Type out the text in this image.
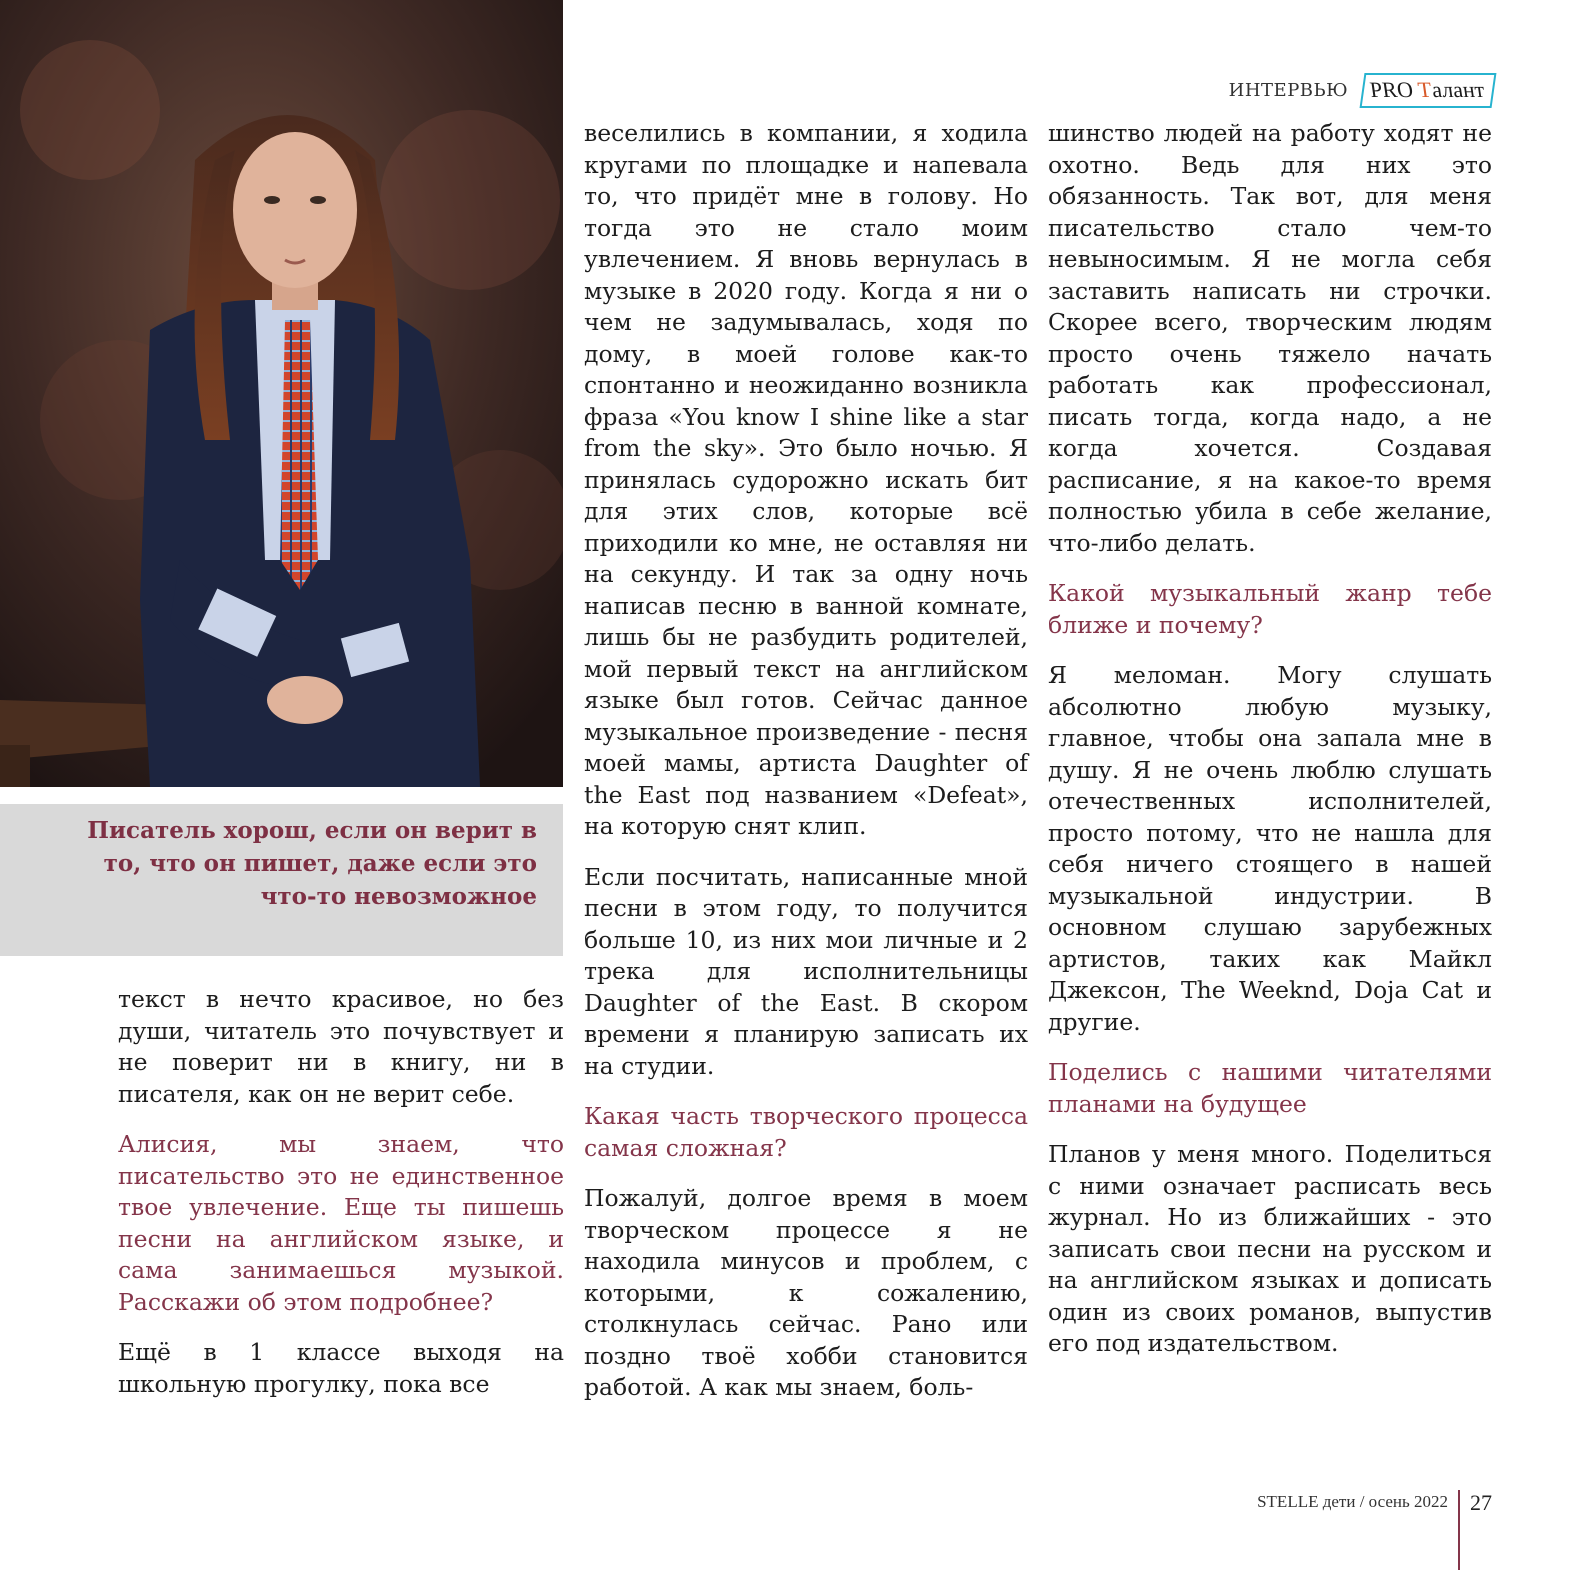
ИНТЕРВЬЮ PRO Талант

Писатель хорош, если он верит в то, что он пишет, даже если это что-то невозможное

текст в нечто красивое, но без души, читатель это почувствует и не поверит ни в книгу, ни в писателя, как он не верит себе.

Алисия, мы знаем, что писательство это не единственное твое увлечение. Еще ты пишешь песни на английском языке, и сама занимаешься музыкой. Расскажи об этом подробнее?

Ещё в 1 классе выходя на школьную прогулку, пока все

веселились в компании, я ходила кругами по площадке и напевала то, что придёт мне в голову. Но тогда это не стало моим увлечением. Я вновь вернулась в музыке в 2020 году. Когда я ни о чем не задумывалась, ходя по дому, в моей голове как-то спонтанно и неожиданно возникла фраза «You know I shine like a star from the sky». Это было ночью. Я принялась судорожно искать бит для этих слов, которые всё приходили ко мне, не оставляя ни на секунду. И так за одну ночь написав песню в ванной комнате, лишь бы не разбудить родителей, мой первый текст на английском языке был готов. Сейчас данное музыкальное произведение - песня моей мамы, артиста Daughter of the East под названием «Defeat», на которую снят клип.

Если посчитать, написанные мной песни в этом году, то получится больше 10, из них мои личные и 2 трека для исполнительницы Daughter of the East. В скором времени я планирую записать их на студии.

Какая часть творческого процесса самая сложная?

Пожалуй, долгое время в моем творческом процессе я не находила минусов и проблем, с которыми, к сожалению, столкнулась сейчас. Рано или поздно твоё хобби становится работой. А как мы знаем, боль-

шинство людей на работу ходят не охотно. Ведь для них это обязанность. Так вот, для меня писательство стало чем-то невыносимым. Я не могла себя заставить написать ни строчки. Скорее всего, творческим людям просто очень тяжело начать работать как профессионал, писать тогда, когда надо, а не когда хочется. Создавая расписание, я на какое-то время полностью убила в себе желание, что-либо делать.

Какой музыкальный жанр тебе ближе и почему?

Я меломан. Могу слушать абсолютно любую музыку, главное, чтобы она запала мне в душу. Я не очень люблю слушать отечественных исполнителей, просто потому, что не нашла для себя ничего стоящего в нашей музыкальной индустрии. В основном слушаю зарубежных артистов, таких как Майкл Джексон, The Weeknd, Doja Cat и другие.

Поделись с нашими читателями планами на будущее

Планов у меня много. Поделиться с ними означает расписать весь журнал. Но из ближайших - это записать свои песни на русском и на английском языках и дописать один из своих романов, выпустив его под издательством.

STELLE дети / осень 2022 27
